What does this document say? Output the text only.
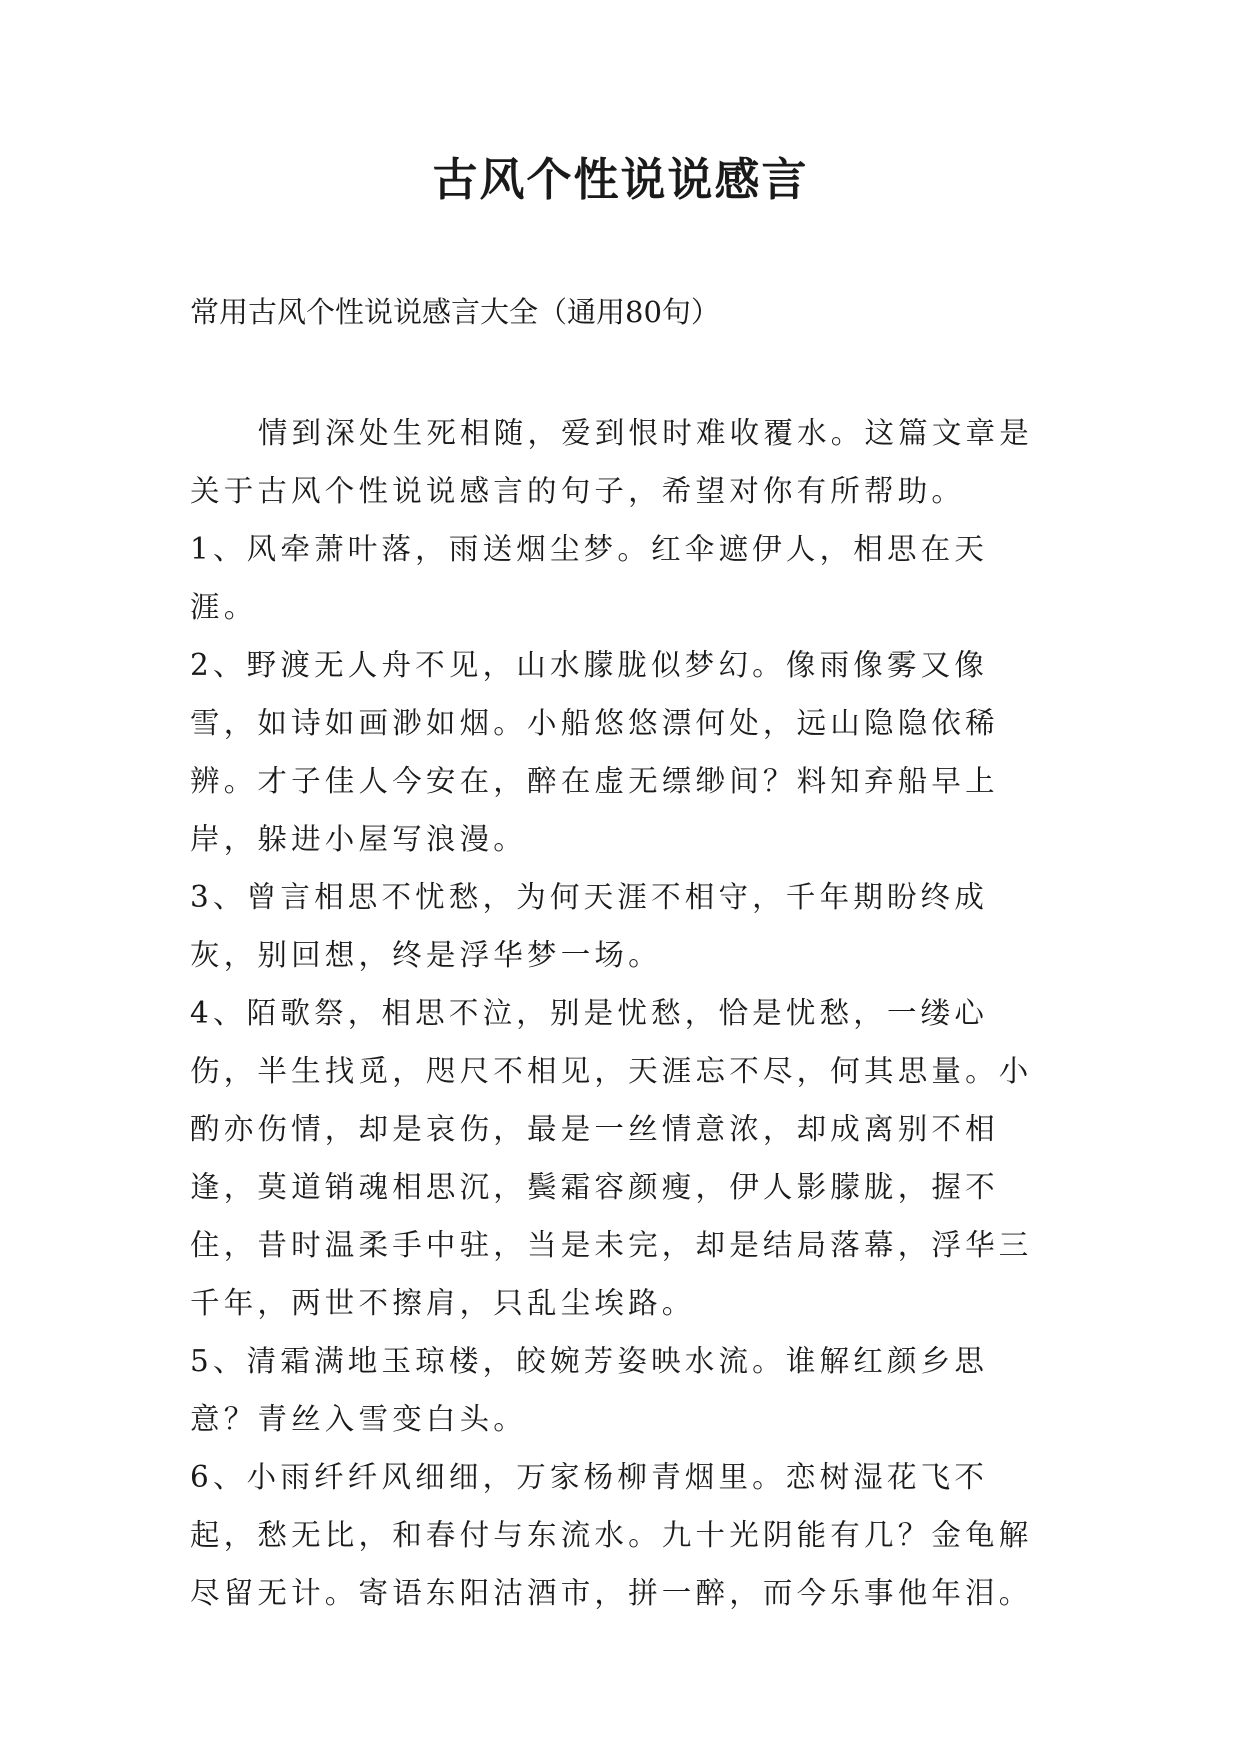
古风个性说说感言

常用古风个性说说感言大全（通用80句）

情到深处生死相随，爱到恨时难收覆水。这篇文章是关于古风个性说说感言的句子，希望对你有所帮助。

1、风牵萧叶落，雨送烟尘梦。红伞遮伊人，相思在天涯。

2、野渡无人舟不见，山水朦胧似梦幻。像雨像雾又像雪，如诗如画渺如烟。小船悠悠漂何处，远山隐隐依稀辨。才子佳人今安在，醉在虚无缥缈间？料知弃船早上岸，躲进小屋写浪漫。

3、曾言相思不忧愁，为何天涯不相守，千年期盼终成灰，别回想，终是浮华梦一场。

4、陌歌祭，相思不泣，别是忧愁，恰是忧愁，一缕心伤，半生找觅，咫尺不相见，天涯忘不尽，何其思量。小酌亦伤情，却是哀伤，最是一丝情意浓，却成离别不相逢，莫道销魂相思沉，鬓霜容颜瘦，伊人影朦胧，握不住，昔时温柔手中驻，当是未完，却是结局落幕，浮华三千年，两世不擦肩，只乱尘埃路。

5、清霜满地玉琼楼，皎婉芳姿映水流。谁解红颜乡思意？青丝入雪变白头。

6、小雨纤纤风细细，万家杨柳青烟里。恋树湿花飞不起，愁无比，和春付与东流水。九十光阴能有几？金龟解尽留无计。寄语东阳沽酒市，拼一醉，而今乐事他年泪。
